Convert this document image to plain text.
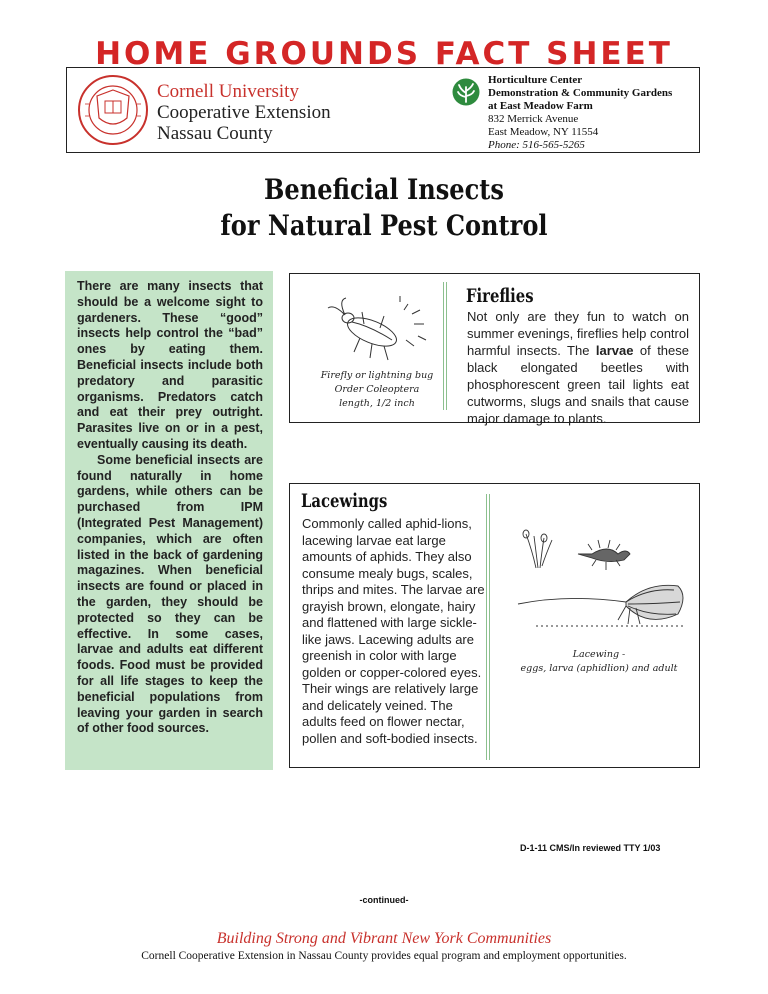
HOME GROUNDS FACT SHEET
Cornell University
Cooperative Extension
Nassau County
Horticulture Center
Demonstration & Community Gardens
at East Meadow Farm
832 Merrick Avenue
East Meadow, NY 11554
Phone: 516-565-5265
Beneficial Insects
for Natural Pest Control

There are many insects that should be a welcome sight to gardeners. These “good” insects help control the “bad” ones by eating them. Beneficial insects include both predatory and parasitic organisms. Predators catch and eat their prey outright. Parasites live on or in a pest, eventually causing its death.

Some beneficial insects are found naturally in home gardens, while others can be purchased from IPM (Integrated Pest Management) companies, which are often listed in the back of gardening magazines. When beneficial insects are found or placed in the garden, they should be protected so they can be effective. In some cases, larvae and adults eat different foods. Food must be provided for all life stages to keep the beneficial populations from leaving your garden in search of other food sources.

Firefly or lightning bug
Order Coleoptera
length, 1/2 inch
Fireflies
Not only are they fun to watch on summer evenings, fireflies help control harmful insects. The larvae of these black elongated beetles with phosphorescent green tail lights eat cutworms, slugs and snails that cause major damage to plants.
Lacewings
Commonly called aphid-lions, lacewing larvae eat large amounts of aphids. They also consume mealy bugs, scales, thrips and mites. The larvae are grayish brown, elongate, hairy and flattened with large sickle-like jaws. Lacewing adults are greenish in color with large golden or copper-colored eyes. Their wings are relatively large and delicately veined. The adults feed on flower nectar, pollen and soft-bodied insects.
Lacewing -
eggs, larva (aphidlion) and adult
D-1-11 CMS/ln reviewed TTY 1/03
-continued-
Building Strong and Vibrant New York Communities
Cornell Cooperative Extension in Nassau County provides equal program and employment opportunities.
